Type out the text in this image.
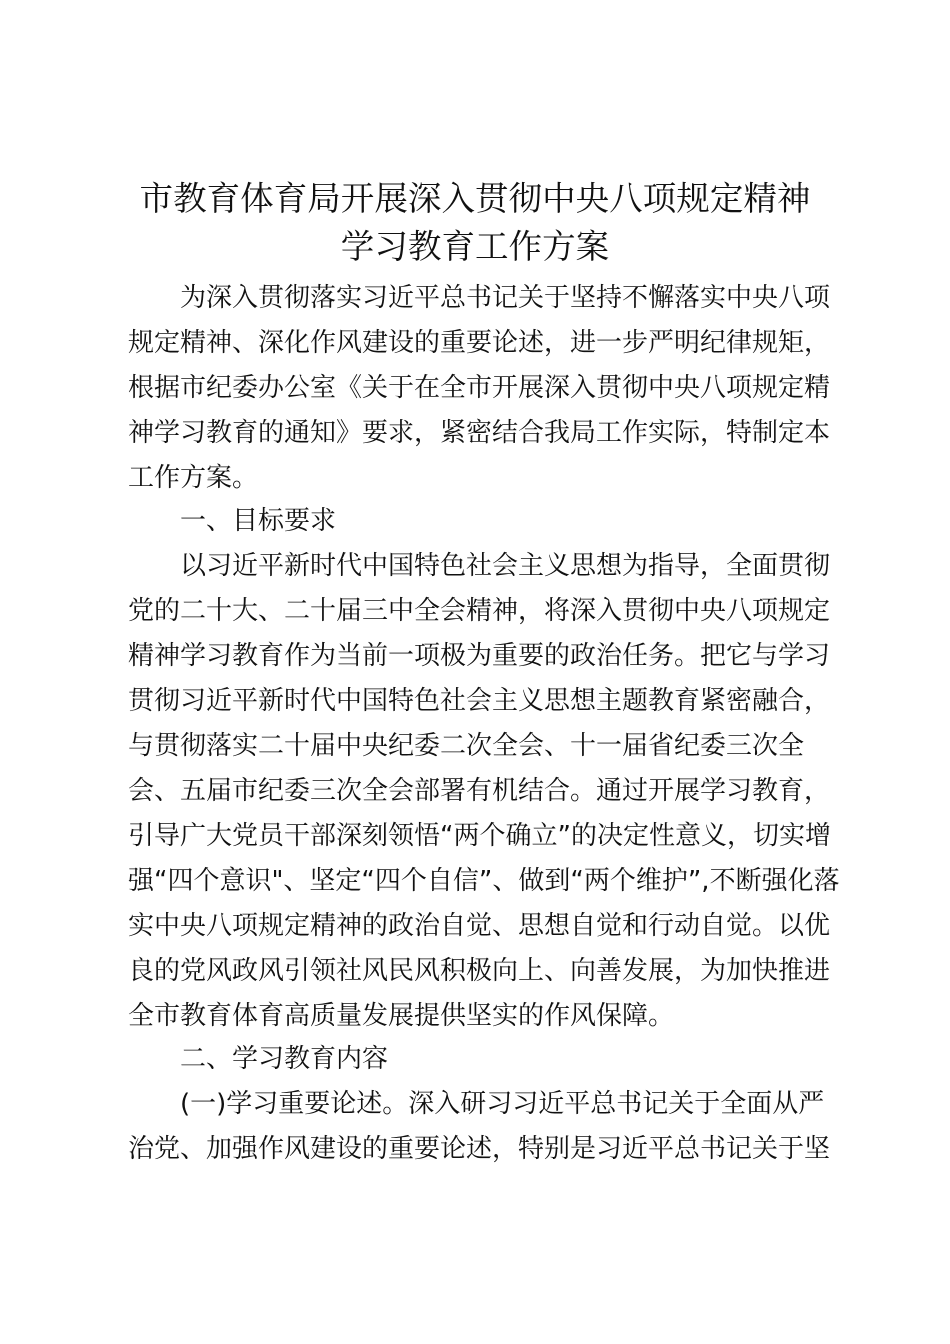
市教育体育局开展深入贯彻中央八项规定精神
学习教育工作方案
为深入贯彻落实习近平总书记关于坚持不懈落实中央八项
规定精神、深化作风建设的重要论述，进一步严明纪律规矩，
根据市纪委办公室《关于在全市开展深入贯彻中央八项规定精
神学习教育的通知》要求，紧密结合我局工作实际，特制定本
工作方案。
一、目标要求
以习近平新时代中国特色社会主义思想为指导，全面贯彻
党的二十大、二十届三中全会精神，将深入贯彻中央八项规定
精神学习教育作为当前一项极为重要的政治任务。把它与学习
贯彻习近平新时代中国特色社会主义思想主题教育紧密融合，
与贯彻落实二十届中央纪委二次全会、十一届省纪委三次全
会、五届市纪委三次全会部署有机结合。通过开展学习教育，
引导广大党员干部深刻领悟“两个确立”的决定性意义，切实增
强“四个意识"、坚定“四个自信”、做到“两个维护”,不断强化落
实中央八项规定精神的政治自觉、思想自觉和行动自觉。以优
良的党风政风引领社风民风积极向上、向善发展，为加快推进
全市教育体育高质量发展提供坚实的作风保障。
二、学习教育内容
(一)学习重要论述。深入研习习近平总书记关于全面从严
治党、加强作风建设的重要论述，特别是习近平总书记关于坚
